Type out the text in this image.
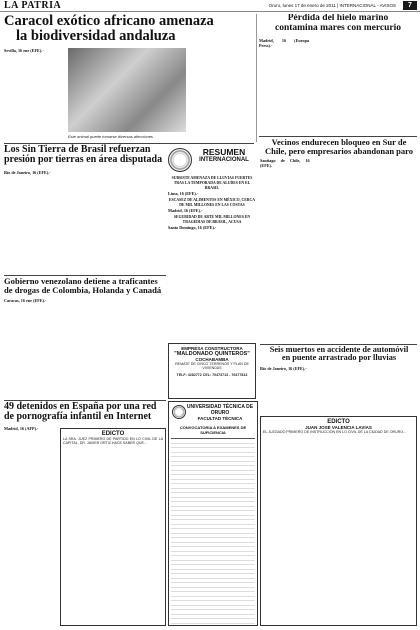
LA PATRIA	Oruro, lunes 17 de enero de 2011 | INTERNACIONAL - AVISOS	7
Caracol exótico africano amenaza
la biodiversidad andaluza
Sevilla, 16 ene (EFE).-
Este animal puede tomarse diversas afecciones
Pérdida del hielo marino
contamina mares con mercurio
Madrid, 16 (Europa Press).-
Vecinos endurecen bloqueo en Sur de
Chile, pero empresarios abandonan paro
Santiago de Chile, 16 (EFE).
Los Sin Tierra de Brasil refuerzan
presión por tierras en área disputada
Río de Janeiro, 16 (EFE).-
RESUMEN
INTERNACIONAL
SUBSISTE AMENAZA DE LLUVIAS FUERTES TRAS LA TEMPORADA DE ALUDES EN EL BRASIL
Lima, 16 (EFE).-
ESCASEZ DE ALIMENTOS EN MÉXICO, CERCA DE MIL MILLONES EN LAS COSTAS
Madrid, 16 (EFE).-
SEGURIDAD DE ARTE MIL MILLONES EN TRAGEDIAS DE BRASIL, ACUSA
Santo Domingo, 16 (EFE).-
Gobierno venezolano detiene a traficantes
de drogas de Colombia, Holanda y Canadá
Caracas, 16 ene (EFE).-
EMPRESA CONSTRUCTORA
"MALDONADO QUINTEROS"
COCHABAMBA
REMATE DE CINCO TERRENOS Y PLAN DE VIVIENDAS
TELF: 4282772 CEL: 70473713 - 76477813
Seis muertos en accidente de automóvil
en puente arrastrado por lluvias
Río de Janeiro, 16 (EFE).-
49 detenidos en España por una red
de pornografía infantil en Internet
Madrid, 16 (AFP).-
EDICTO
LA SRA. JUEZ PRIMERO DE PARTIDO EN LO CIVIL DE LA CAPITAL, DR. JAVIER ORTIZ HACE SABER QUE...
UNIVERSIDAD TÉCNICA DE ORURO
FACULTAD TÉCNICA
CONVOCATORIA A EXAMENES DE SUFICIENCIA
EDICTO
JUAN JOSÉ VALENCIA LAVIAS
EL JUZGADO PRIMERO DE INSTRUCCIÓN EN LO CIVIL DE LA CIUDAD DE ORURO...
